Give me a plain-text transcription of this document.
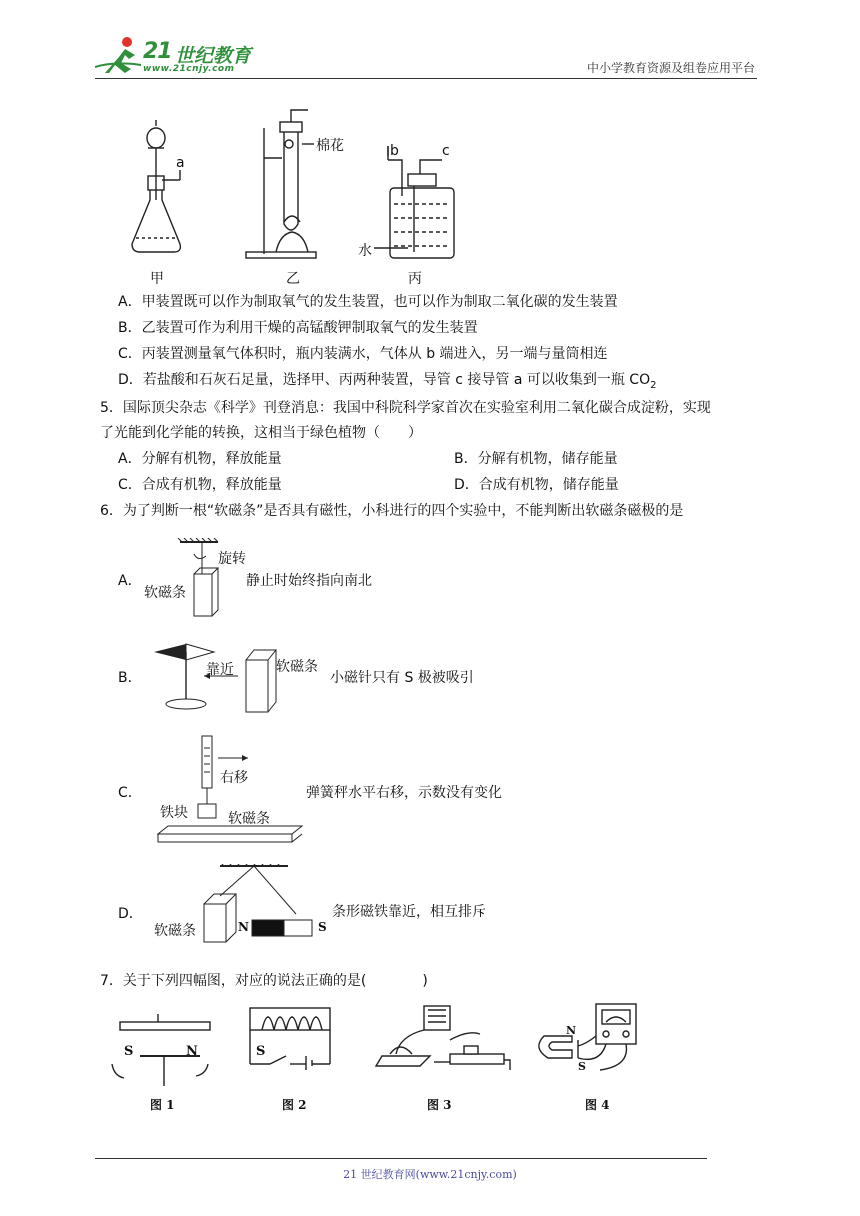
21 世纪教育
www.21cnjy.com	中小学教育资源及组卷应用平台
a
棉花	b	c
水
甲	乙	丙
A．甲装置既可以作为制取氧气的发生装置，也可以作为制取二氧化碳的发生装置
B．乙装置可作为利用干燥的高锰酸钾制取氧气的发生装置
C．丙装置测量氧气体积时，瓶内装满水，气体从 b 端进入，另一端与量筒相连
D．若盐酸和石灰石足量，选择甲、丙两种装置，导管 c 接导管 a 可以收集到一瓶 $CO_2$
5．国际顶尖杂志《科学》刊登消息：我国中科院科学家首次在实验室利用二氧化碳合成淀粉，实现
了光能到化学能的转换，这相当于绿色植物（　　）
A．分解有机物，释放能量	B．分解有机物，储存能量
C．合成有机物，释放能量	D．合成有机物，储存能量
6．为了判断一根“软磁条”是否具有磁性，小科进行的四个实验中，不能判断出软磁条磁极的是
A．
旋转
软磁条
静止时始终指向南北
B．	靠近	软磁条
小磁针只有 S 极被吸引
C．
右移
铁块	软磁条
弹簧秤水平右移，示数没有变化
D．
软磁条	N	S
条形磁铁靠近，相互排斥
7．关于下列四幅图，对应的说法正确的是(　　　　)
S	N	S
N
S
图 1	图 2	图 3	图 4
21 世纪教育网(www.21cnjy.com)
